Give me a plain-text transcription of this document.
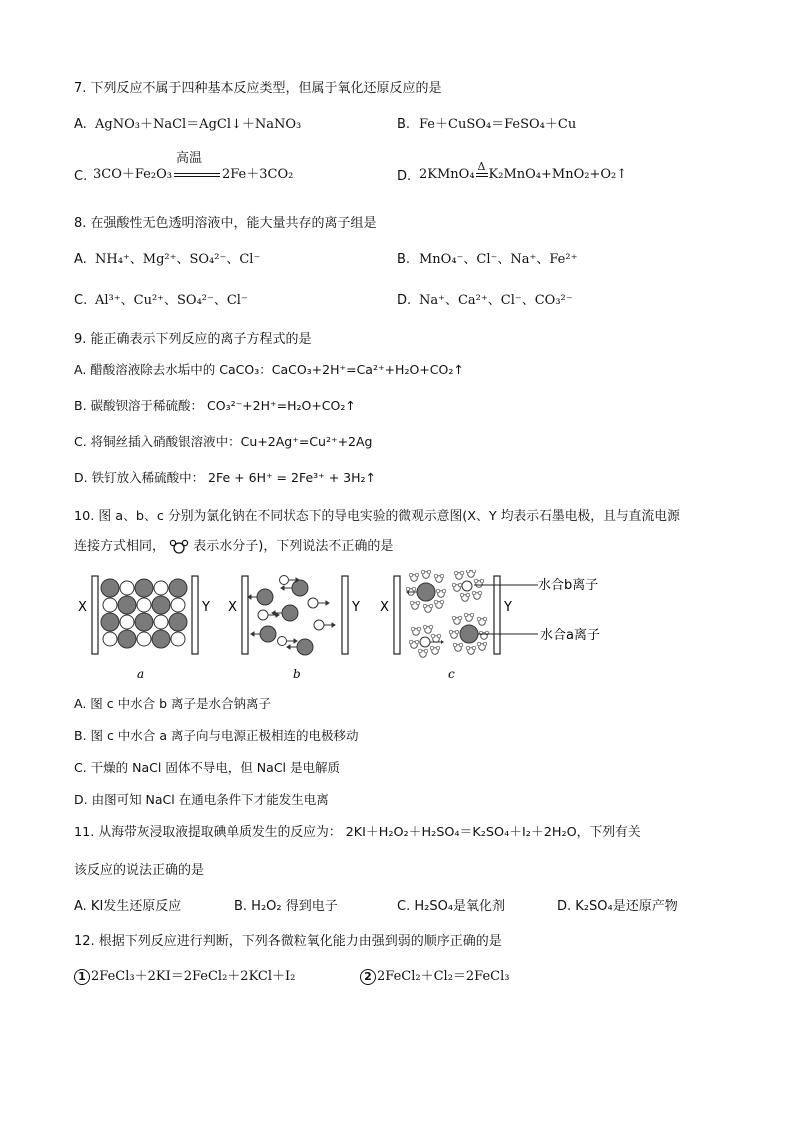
7. 下列反应不属于四种基本反应类型，但属于氧化还原反应的是
A. AgNO₃＋NaCl＝AgCl↓＋NaNO₃	B. Fe＋CuSO₄＝FeSO₄＋Cu
C. 3CO＋Fe₂O₃
高温
2Fe＋3CO₂	D. 2KMnO₄
Δ
K₂MnO₄+MnO₂+O₂↑
8. 在强酸性无色透明溶液中，能大量共存的离子组是
A. NH₄⁺、Mg²⁺、SO₄²⁻、Cl⁻	B. MnO₄⁻、Cl⁻、Na⁺、Fe²⁺
C. Al³⁺、Cu²⁺、SO₄²⁻、Cl⁻	D. Na⁺、Ca²⁺、Cl⁻、CO₃²⁻
9. 能正确表示下列反应的离子方程式的是
A. 醋酸溶液除去水垢中的 CaCO₃：CaCO₃+2H⁺=Ca²⁺+H₂O+CO₂↑
B. 碳酸钡溶于稀硫酸： CO₃²⁻+2H⁺=H₂O+CO₂↑
C. 将铜丝插入硝酸银溶液中：Cu+2Ag⁺=Cu²⁺+2Ag
D. 铁钉放入稀硫酸中： 2Fe + 6H⁺ = 2Fe³⁺ + 3H₂↑
10. 图 a、b、c 分别为氯化钠在不同状态下的导电实验的微观示意图(X、Y 均表示石墨电极，且与直流电源
连接方式相同， 表示水分子)，下列说法不正确的是
X	Y
a
X	Y
b
X	Y
水合b离子
水合a离子
c
A. 图 c 中水合 b 离子是水合钠离子
B. 图 c 中水合 a 离子向与电源正极相连的电极移动
C. 干燥的 NaCl 固体不导电，但 NaCl 是电解质
D. 由图可知 NaCl 在通电条件下才能发生电离
11. 从海带灰浸取液提取碘单质发生的反应为： 2KI＋H₂O₂＋H₂SO₄＝K₂SO₄＋I₂＋2H₂O，下列有关
该反应的说法正确的是
A. KI发生还原反应	B. H₂O₂ 得到电子	C. H₂SO₄是氧化剂	D. K₂SO₄是还原产物
12. 根据下列反应进行判断，下列各微粒氧化能力由强到弱的顺序正确的是
1 2FeCl₃＋2KI＝2FeCl₂＋2KCl＋I₂	2 2FeCl₂＋Cl₂＝2FeCl₃
